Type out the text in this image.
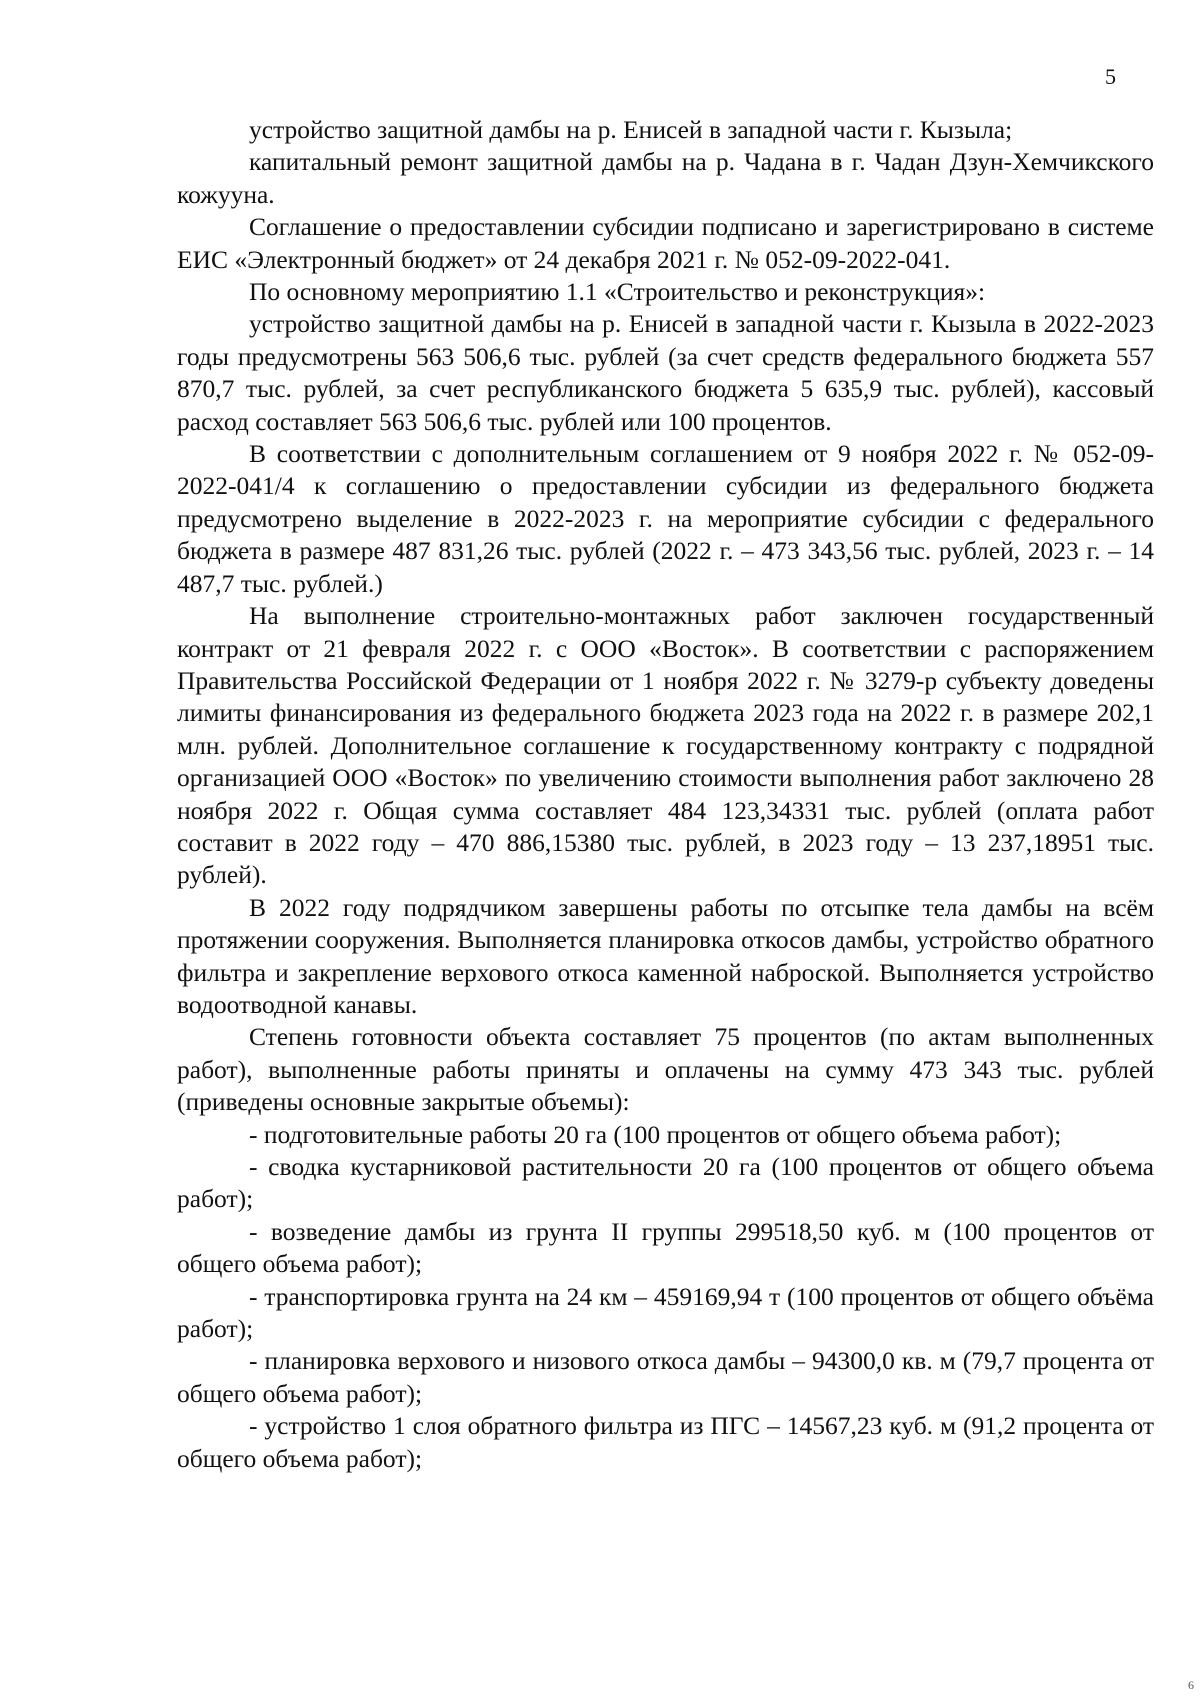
5

устройство защитной дамбы на р. Енисей в западной части г. Кызыла;

капитальный ремонт защитной дамбы на р. Чадана в г. Чадан Дзун-Хемчикского кожууна.

Соглашение о предоставлении субсидии подписано и зарегистрировано в системе ЕИС «Электронный бюджет» от 24 декабря 2021 г. № 052-09-2022-041.

По основному мероприятию 1.1 «Строительство и реконструкция»:

устройство защитной дамбы на р. Енисей в западной части г. Кызыла в 2022-2023 годы предусмотрены 563 506,6 тыс. рублей (за счет средств федерального бюджета 557 870,7 тыс. рублей, за счет республиканского бюджета 5 635,9 тыс. рублей), кассовый расход составляет 563 506,6 тыс. рублей или 100 процентов.

В соответствии с дополнительным соглашением от 9 ноября 2022 г. № 052-09-2022-041/4 к соглашению о предоставлении субсидии из федерального бюджета предусмотрено выделение в 2022-2023 г. на мероприятие субсидии с федерального бюджета в размере 487 831,26 тыс. рублей (2022 г. – 473 343,56 тыс. рублей, 2023 г. – 14 487,7 тыс. рублей.)

На выполнение строительно-монтажных работ заключен государственный контракт от 21 февраля 2022 г. с ООО «Восток». В соответствии с распоряжением Правительства Российской Федерации от 1 ноября 2022 г. № 3279-р субъекту доведены лимиты финансирования из федерального бюджета 2023 года на 2022 г. в размере 202,1 млн. рублей. Дополнительное соглашение к государственному контракту с подрядной организацией ООО «Восток» по увеличению стоимости выполнения работ заключено 28 ноября 2022 г. Общая сумма составляет 484 123,34331 тыс. рублей (оплата работ составит в 2022 году – 470 886,15380 тыс. рублей, в 2023 году – 13 237,18951 тыс. рублей).

В 2022 году подрядчиком завершены работы по отсыпке тела дамбы на всём протяжении сооружения. Выполняется планировка откосов дамбы, устройство обратного фильтра и закрепление верхового откоса каменной наброской. Выполняется устройство водоотводной канавы.

Степень готовности объекта составляет 75 процентов (по актам выполненных работ), выполненные работы приняты и оплачены на сумму 473 343 тыс. рублей (приведены основные закрытые объемы):

- подготовительные работы 20 га (100 процентов от общего объема работ);

- сводка кустарниковой растительности 20 га (100 процентов от общего объема работ);

- возведение дамбы из грунта II группы 299518,50 куб. м (100 процентов от общего объема работ);

- транспортировка грунта на 24 км – 459169,94 т (100 процентов от общего объёма работ);

- планировка верхового и низового откоса дамбы – 94300,0 кв. м (79,7 процента от общего объема работ);

- устройство 1 слоя обратного фильтра из ПГС – 14567,23 куб. м (91,2 процента от общего объема работ);

6
